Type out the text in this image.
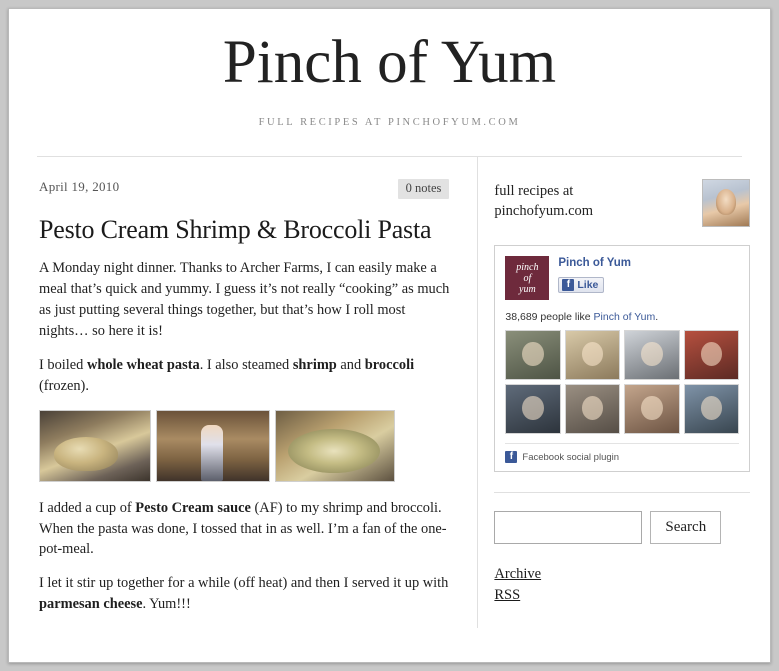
Pinch of Yum
FULL RECIPES AT PINCHOFYUM.COM
April 19, 2010	0 notes
Pesto Cream Shrimp & Broccoli Pasta

A Monday night dinner. Thanks to Archer Farms, I can easily make a meal that’s quick and yummy. I guess it’s not really “cooking” as much as just putting several things together, but that’s how I roll most nights… so here it is!

I boiled whole wheat pasta. I also steamed shrimp and broccoli (frozen).

I added a cup of Pesto Cream sauce (AF) to my shrimp and broccoli. When the pasta was done, I tossed that in as well. I’m a fan of the one-pot-meal.

I let it stir up together for a while (off heat) and then I served it up with parmesan cheese. Yum!!!

full recipes at
pinchofyum.com
pinch
of
yum
Pinch of Yum
f Like
38,689 people like Pinch of Yum.
f Facebook social plugin
Search
Archive
RSS
